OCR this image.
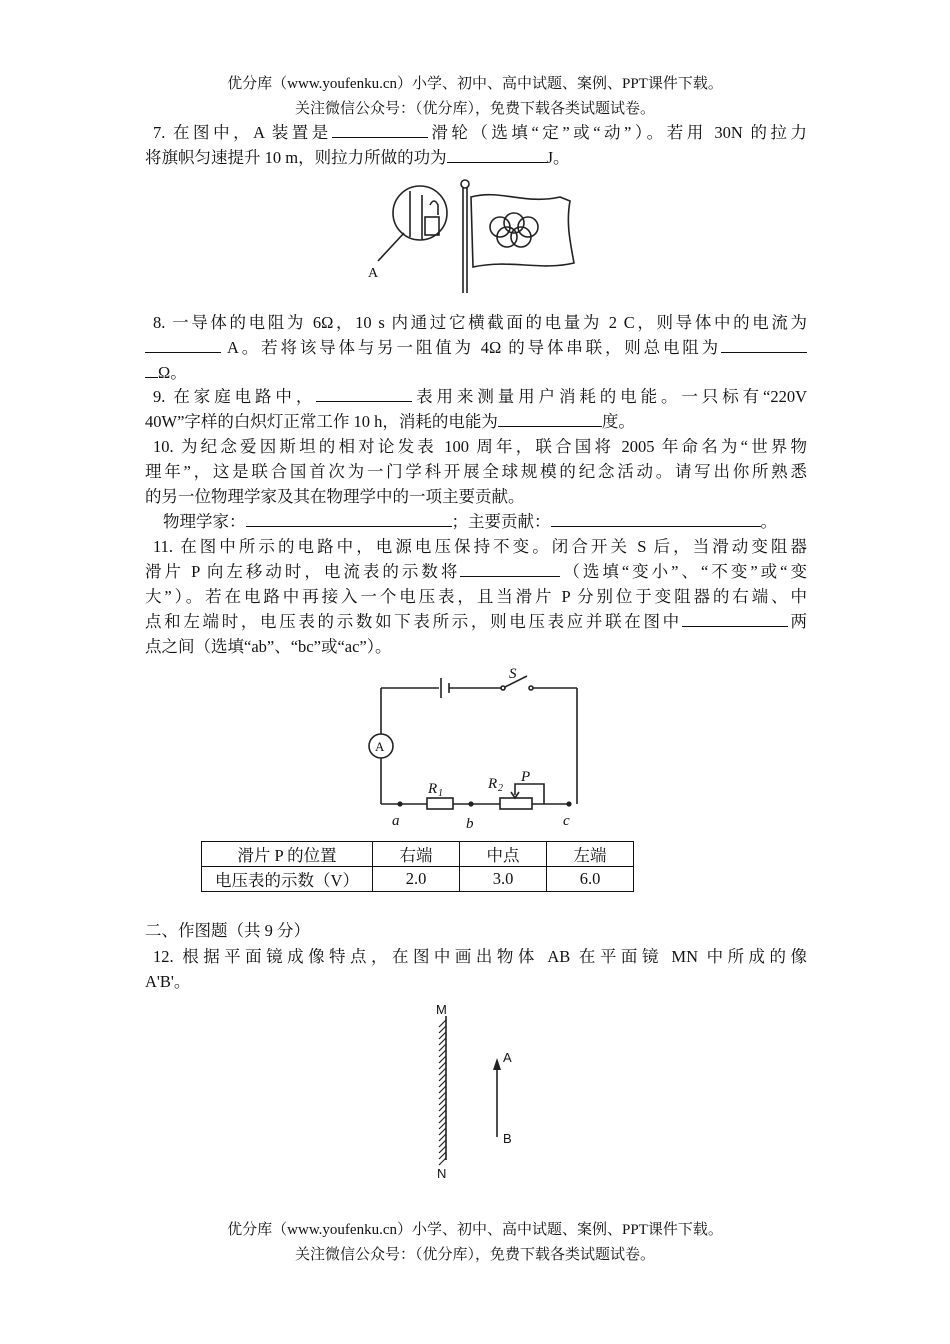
优分库（www.youfenku.cn）小学、初中、高中试题、案例、PPT课件下载。
关注微信公众号：（优分库），免费下载各类试题试卷。
7. 在图中，A 装置是	滑轮（选填“定”或“动”）。若用 30N 的拉力
将旗帜匀速提升 10 m，则拉力所做的功为	J。
A
8. 一导体的电阻为 6Ω，10 s 内通过它横截面的电量为 2 C，则导体中的电流为
A。若将该导体与另一阻值为 4Ω 的导体串联，则总电阻为
Ω。
9. 在家庭电路中，	表用来测量用户消耗的电能。一只标有“220V
40W”字样的白炽灯正常工作 10 h，消耗的电能为	度。
10. 为纪念爱因斯坦的相对论发表 100 周年，联合国将 2005 年命名为“世界物
理年”，这是联合国首次为一门学科开展全球规模的纪念活动。请写出你所熟悉
的另一位物理学家及其在物理学中的一项主要贡献。
物理学家：	；主要贡献：	。
11. 在图中所示的电路中，电源电压保持不变。闭合开关 S 后，当滑动变阻器
滑片 P 向左移动时，电流表的示数将	（选填“变小”、“不变”或“变
大”）。若在电路中再接入一个电压表，且当滑片 P 分别位于变阻器的右端、中
点和左端时，电压表的示数如下表所示，则电压表应并联在图中	两
点之间（选填“ab”、“bc”或“ac”）。
S
A
R 1
R 2
P
a	b	c
滑片 P 的位置	右端	中点	左端
电压表的示数（V）	2.0	3.0	6.0
二、作图题（共 9 分）
12. 根据平面镜成像特点，在图中画出物体 AB 在平面镜 MN 中所成的像
A'B'。
M
N
A
B
优分库（www.youfenku.cn）小学、初中、高中试题、案例、PPT课件下载。
关注微信公众号：（优分库），免费下载各类试题试卷。
